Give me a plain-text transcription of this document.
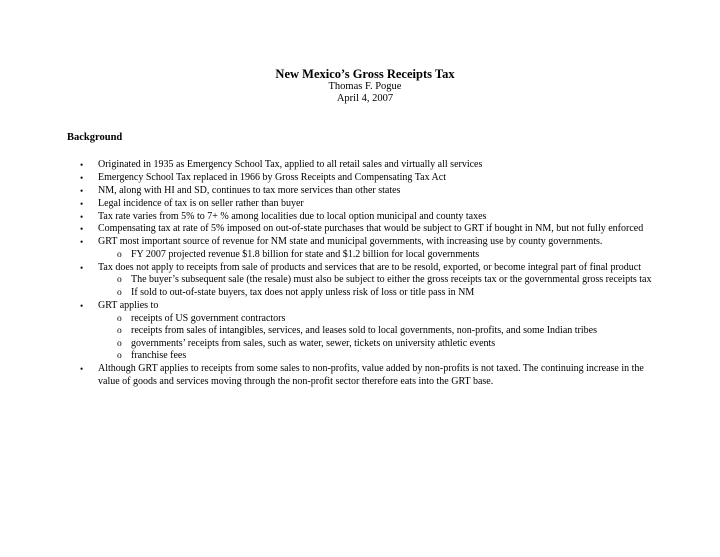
New Mexico’s Gross Receipts Tax
Thomas F. Pogue
April 4, 2007
Background
• Originated in 1935 as Emergency School Tax, applied to all retail sales and virtually all services
• Emergency School Tax replaced in 1966 by Gross Receipts and Compensating Tax Act
• NM, along with HI and SD, continues to tax more services than other states
• Legal incidence of tax is on seller rather than buyer
• Tax rate varies from 5% to 7+ % among localities due to local option municipal and county taxes
• Compensating tax at rate of 5% imposed on out-of-state purchases that would be subject to GRT if bought in NM, but not fully enforced
• GRT most important source of revenue for NM state and municipal governments, with increasing use by county governments.
o FY 2007 projected revenue $1.8 billion for state and $1.2 billion for local governments
• Tax does not apply to receipts from sale of products and services that are to be resold, exported, or become integral part of final product
o The buyer’s subsequent sale (the resale) must also be subject to either the gross receipts tax or the governmental gross receipts tax
o If sold to out-of-state buyers, tax does not apply unless risk of loss or title pass in NM
• GRT applies to
o receipts of US government contractors
o receipts from sales of intangibles, services, and leases sold to local governments, non-profits, and some Indian tribes
o governments’ receipts from sales, such as water, sewer, tickets on university athletic events
o franchise fees
• Although GRT applies to receipts from some sales to non-profits, value added by non-profits is not taxed. The continuing increase in the value of goods and services moving through the non-profit sector therefore eats into the GRT base.
